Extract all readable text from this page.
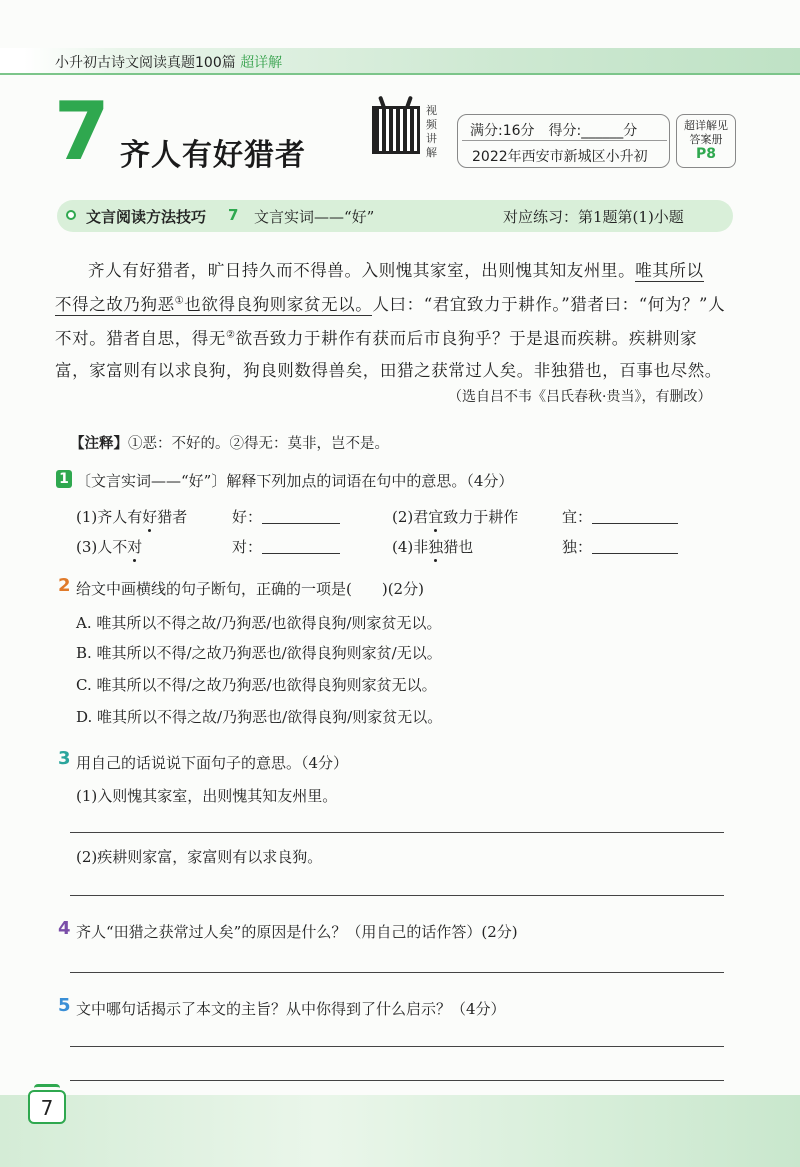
小升初古诗文阅读真题100篇 超详解
7 齐人有好猎者
视频讲解
满分:16分　得分:______分
2022年西安市新城区小升初
超详解见
答案册
P8
文言阅读方法技巧 7 文言实词——“好”	对应练习：第1题第(1)小题
齐人有好猎者，旷日持久而不得兽。入则愧其家室，出则愧其知友州里。唯其所以
不得之故乃狗恶①也欲得良狗则家贫无以。人曰：“君宜致力于耕作。”猎者曰：“何为？”人
不对。猎者自思，得无②欲吾致力于耕作有获而后市良狗乎？于是退而疾耕。疾耕则家
富，家富则有以求良狗，狗良则数得兽矣，田猎之获常过人矣。非独猎也，百事也尽然。
（选自吕不韦《吕氏春秋·贵当》，有删改）
【注释】①恶：不好的。②得无：莫非，岂不是。
1 〔文言实词——“好”〕解释下列加点的词语在句中的意思。（4分）
(1)齐人有好猎者	好：	(2)君宜致力于耕作	宜：
(3)人不对	对：	(4)非独猎也	独：
2 给文中画横线的句子断句，正确的一项是(　　)(2分)
A. 唯其所以不得之故/乃狗恶/也欲得良狗/则家贫无以。
B. 唯其所以不得/之故乃狗恶也/欲得良狗则家贫/无以。
C. 唯其所以不得/之故乃狗恶/也欲得良狗则家贫无以。
D. 唯其所以不得之故/乃狗恶也/欲得良狗/则家贫无以。
3 用自己的话说说下面句子的意思。（4分）
(1)入则愧其家室，出则愧其知友州里。
(2)疾耕则家富，家富则有以求良狗。
4 齐人“田猎之获常过人矣”的原因是什么？（用自己的话作答）(2分)
5 文中哪句话揭示了本文的主旨？从中你得到了什么启示？（4分）
7
